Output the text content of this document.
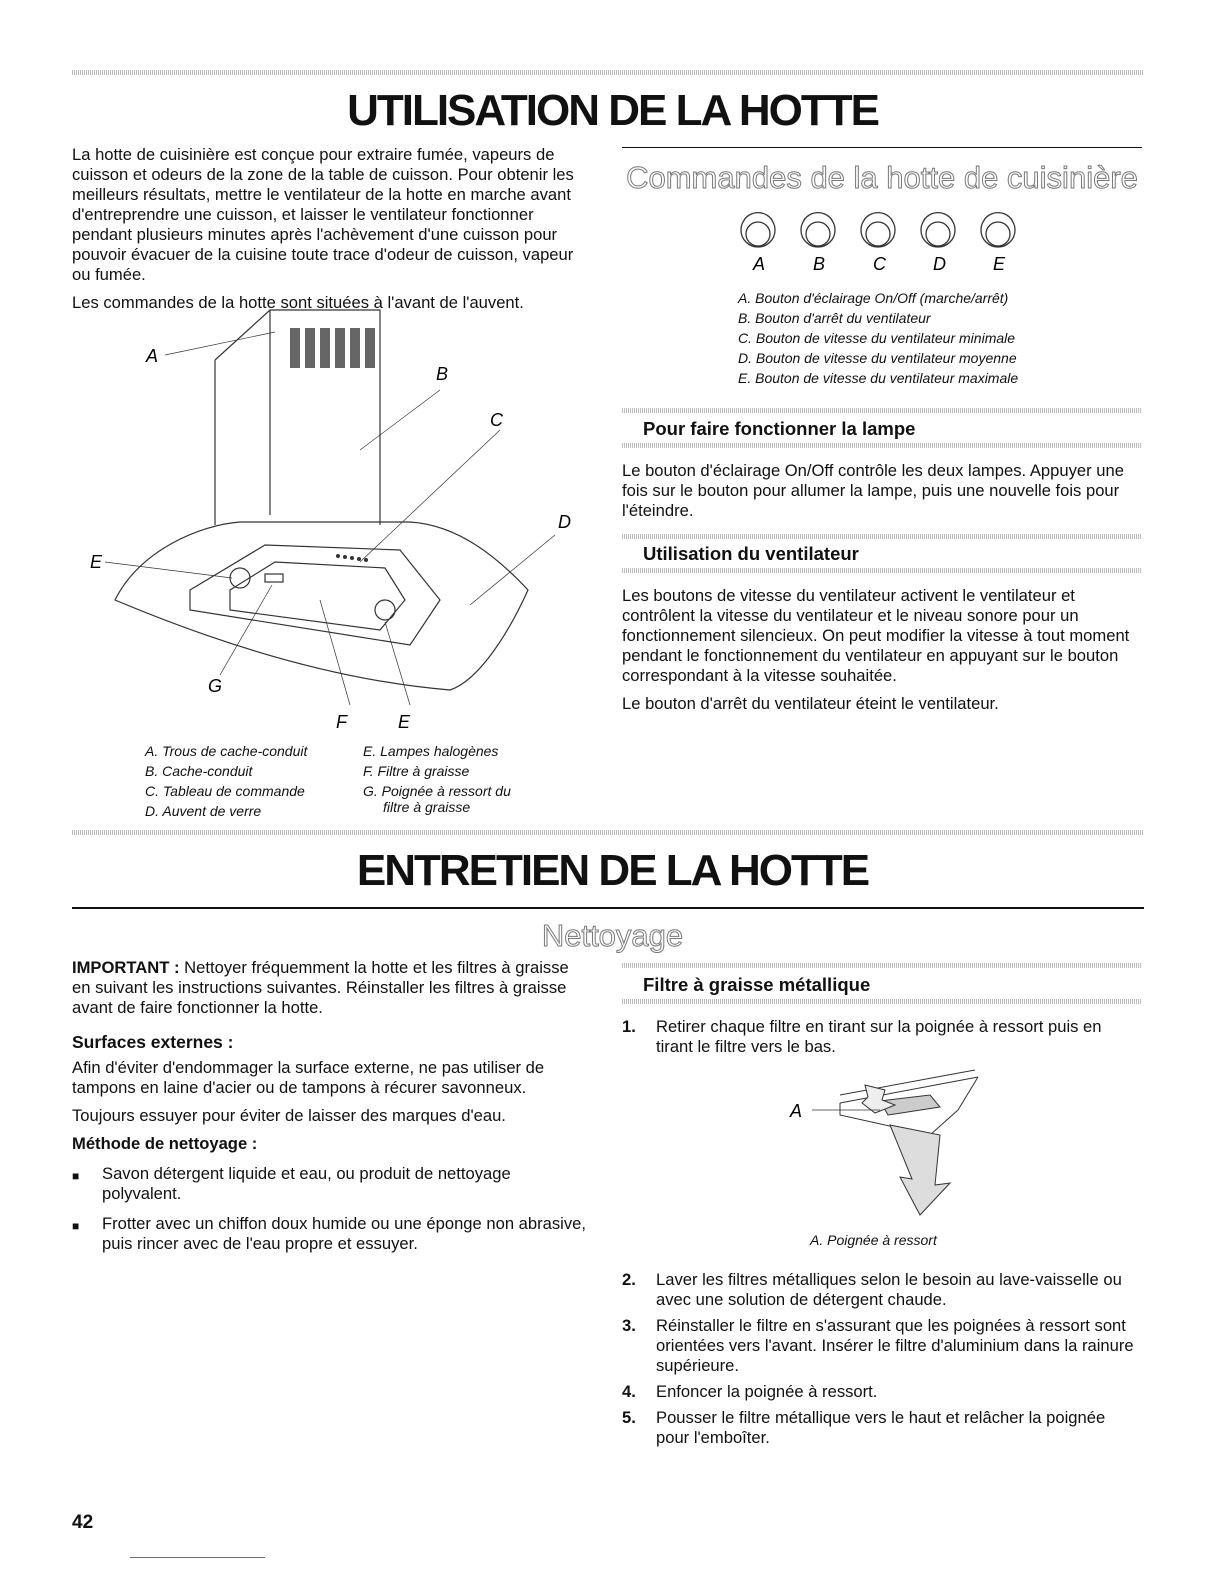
UTILISATION DE LA HOTTE

La hotte de cuisinière est conçue pour extraire fumée, vapeurs de cuisson et odeurs de la zone de la table de cuisson. Pour obtenir les meilleurs résultats, mettre le ventilateur de la hotte en marche avant d'entreprendre une cuisson, et laisser le ventilateur fonctionner pendant plusieurs minutes après l'achèvement d'une cuisson pour pouvoir évacuer de la cuisine toute trace d'odeur de cuisson, vapeur ou fumée.

Les commandes de la hotte sont situées à l'avant de l'auvent.

A
B
C
D
E
G
F	E
A. Trous de cache-conduit
B. Cache-conduit
C. Tableau de commande
D. Auvent de verre
E. Lampes halogènes
F. Filtre à graisse
G. Poignée à ressort du
filtre à graisse
Commandes de la hotte de cuisinière
A	B	C	D	E
A. Bouton d'éclairage On/Off (marche/arrêt)
B. Bouton d'arrêt du ventilateur
C. Bouton de vitesse du ventilateur minimale
D. Bouton de vitesse du ventilateur moyenne
E. Bouton de vitesse du ventilateur maximale
Pour faire fonctionner la lampe
Le bouton d'éclairage On/Off contrôle les deux lampes. Appuyer une fois sur le bouton pour allumer la lampe, puis une nouvelle fois pour l'éteindre.
Utilisation du ventilateur

Les boutons de vitesse du ventilateur activent le ventilateur et contrôlent la vitesse du ventilateur et le niveau sonore pour un fonctionnement silencieux. On peut modifier la vitesse à tout moment pendant le fonctionnement du ventilateur en appuyant sur le bouton correspondant à la vitesse souhaitée.

Le bouton d'arrêt du ventilateur éteint le ventilateur.

ENTRETIEN DE LA HOTTE
Nettoyage

IMPORTANT : Nettoyer fréquemment la hotte et les filtres à graisse en suivant les instructions suivantes. Réinstaller les filtres à graisse avant de faire fonctionner la hotte.

Surfaces externes :

Afin d'éviter d'endommager la surface externe, ne pas utiliser de tampons en laine d'acier ou de tampons à récurer savonneux.

Toujours essuyer pour éviter de laisser des marques d'eau.

Méthode de nettoyage :
■	Savon détergent liquide et eau, ou produit de nettoyage polyvalent.
■	Frotter avec un chiffon doux humide ou une éponge non abrasive, puis rincer avec de l'eau propre et essuyer.
Filtre à graisse métallique
1.	Retirer chaque filtre en tirant sur la poignée à ressort puis en tirant le filtre vers le bas.
A
A. Poignée à ressort
2.	Laver les filtres métalliques selon le besoin au lave-vaisselle ou avec une solution de détergent chaude.
3.	Réinstaller le filtre en s'assurant que les poignées à ressort sont orientées vers l'avant. Insérer le filtre d'aluminium dans la rainure supérieure.
4.	Enfoncer la poignée à ressort.
5.	Pousser le filtre métallique vers le haut et relâcher la poignée pour l'emboîter.
42
